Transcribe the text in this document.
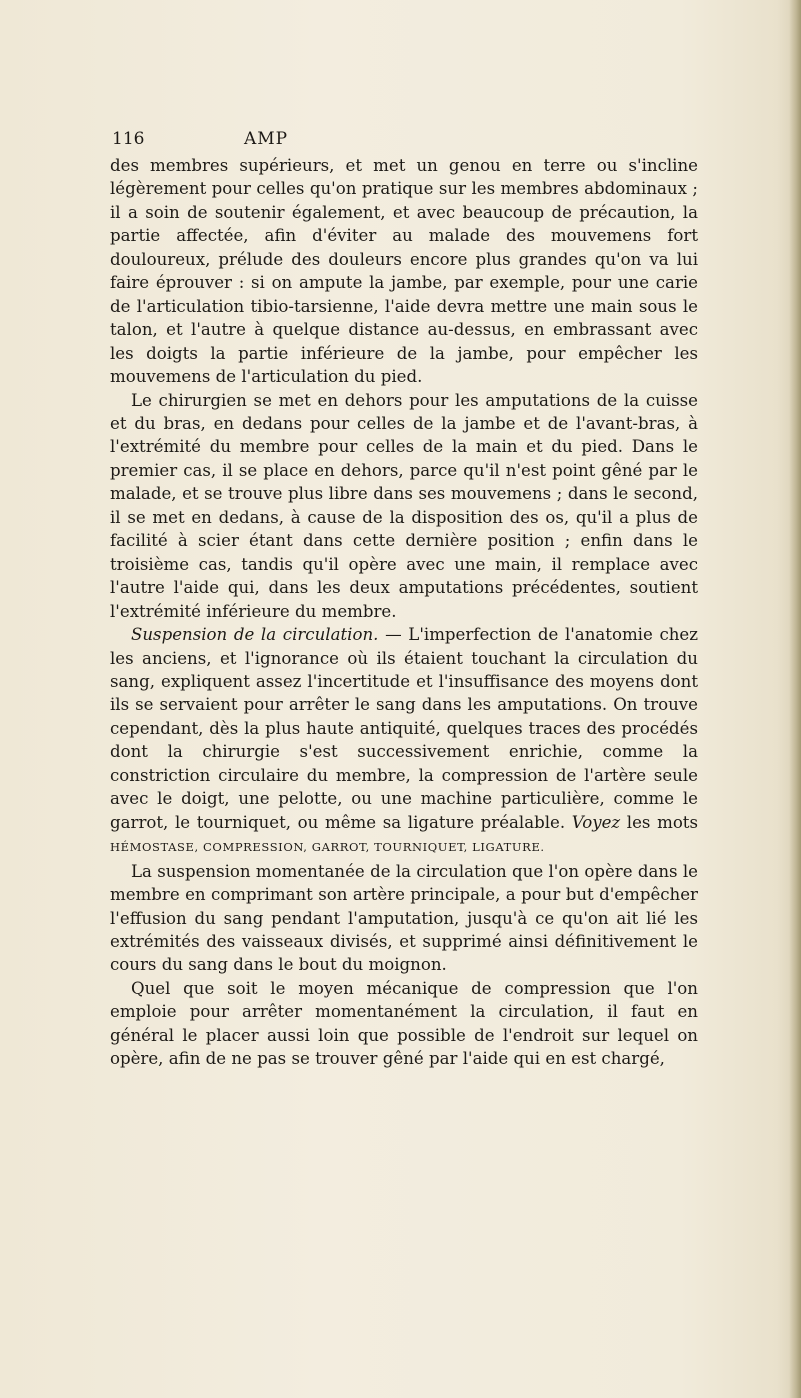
116	AMP

des membres supérieurs, et met un genou en terre ou s'incline légèrement pour celles qu'on pratique sur les membres abdominaux ; il a soin de soutenir également, et avec beaucoup de précaution, la partie affectée, afin d'éviter au malade des mouvemens fort douloureux, prélude des douleurs encore plus grandes qu'on va lui faire éprouver : si on ampute la jambe, par exemple, pour une carie de l'articulation tibio-tarsienne, l'aide devra mettre une main sous le talon, et l'autre à quelque distance au-dessus, en embrassant avec les doigts la partie inférieure de la jambe, pour empêcher les mouvemens de l'articulation du pied.

Le chirurgien se met en dehors pour les amputations de la cuisse et du bras, en dedans pour celles de la jambe et de l'avant-bras, à l'extrémité du membre pour celles de la main et du pied. Dans le premier cas, il se place en dehors, parce qu'il n'est point gêné par le malade, et se trouve plus libre dans ses mouvemens ; dans le second, il se met en dedans, à cause de la disposition des os, qu'il a plus de facilité à scier étant dans cette dernière position ; enfin dans le troisième cas, tandis qu'il opère avec une main, il remplace avec l'autre l'aide qui, dans les deux amputations précédentes, soutient l'extrémité inférieure du membre.

Suspension de la circulation. — L'imperfection de l'anatomie chez les anciens, et l'ignorance où ils étaient touchant la circulation du sang, expliquent assez l'incertitude et l'insuffisance des moyens dont ils se servaient pour arrêter le sang dans les amputations. On trouve cependant, dès la plus haute antiquité, quelques traces des procédés dont la chirurgie s'est successivement enrichie, comme la constriction circulaire du membre, la compression de l'artère seule avec le doigt, une pelotte, ou une machine particulière, comme le garrot, le tourniquet, ou même sa ligature préalable. Voyez les mots HÉMOSTASE, COMPRESSION, GARROT, TOURNIQUET, LIGATURE.

La suspension momentanée de la circulation que l'on opère dans le membre en comprimant son artère principale, a pour but d'empêcher l'effusion du sang pendant l'amputation, jusqu'à ce qu'on ait lié les extrémités des vaisseaux divisés, et supprimé ainsi définitivement le cours du sang dans le bout du moignon.

Quel que soit le moyen mécanique de compression que l'on emploie pour arrêter momentanément la circulation, il faut en général le placer aussi loin que possible de l'endroit sur lequel on opère, afin de ne pas se trouver gêné par l'aide qui en est chargé,
